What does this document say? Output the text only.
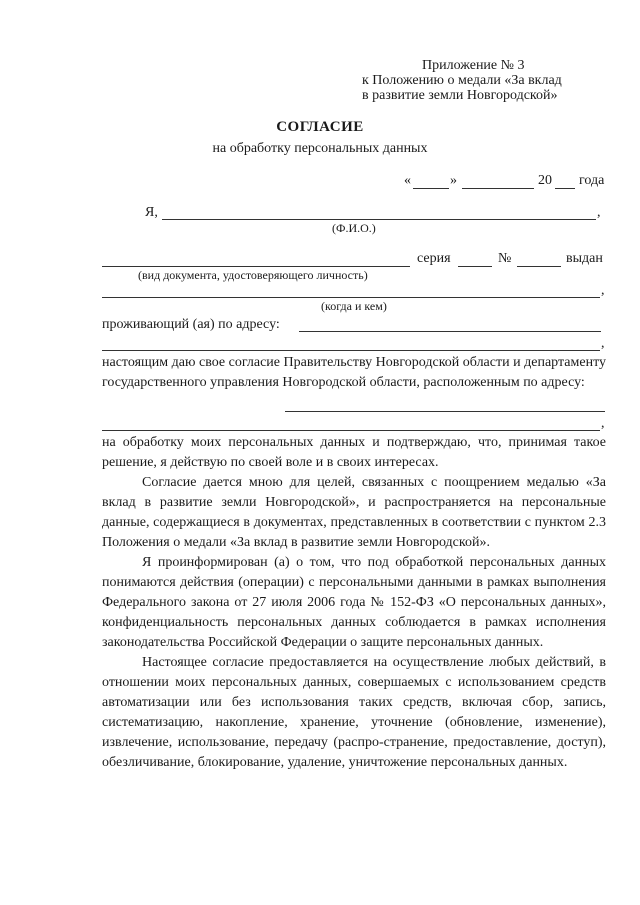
Приложение № 3
к Положению о медали «За вклад
в развитие земли Новгородской»
СОГЛАСИЕ
на обработку персональных данных
«	»	20 года
Я,	,
(Ф.И.О.)
серия	№	выдан
(вид документа, удостоверяющего личность)
,
(когда и кем)
проживающий (ая) по адресу:
,

настоящим даю свое согласие Правительству Новгородской области и департаменту государственного управления Новгородской области, расположенным по адресу:

,

на обработку моих персональных данных и подтверждаю, что, принимая такое решение, я действую по своей воле и в своих интересах.

Согласие дается мною для целей, связанных с поощрением медалью «За вклад в развитие земли Новгородской», и распространяется на персональные данные, содержащиеся в документах, представленных в соответствии с пунктом 2.3 Положения о медали «За вклад в развитие земли Новгородской».

Я проинформирован (а) о том, что под обработкой персональных данных понимаются действия (операции) с персональными данными в рамках выполнения Федерального закона от 27 июля 2006 года № 152-ФЗ «О персональных данных», конфиденциальность персональных данных соблюдается в рамках исполнения законодательства Российской Федерации о защите персональных данных.

Настоящее согласие предоставляется на осуществление любых действий, в отношении моих персональных данных, совершаемых с использованием средств автоматизации или без использования таких средств, включая сбор, запись, систематизацию, накопление, хранение, уточнение (обновление, изменение), извлечение, использование, передачу (распро-странение, предоставление, доступ), обезличивание, блокирование, удаление, уничтожение персональных данных.
